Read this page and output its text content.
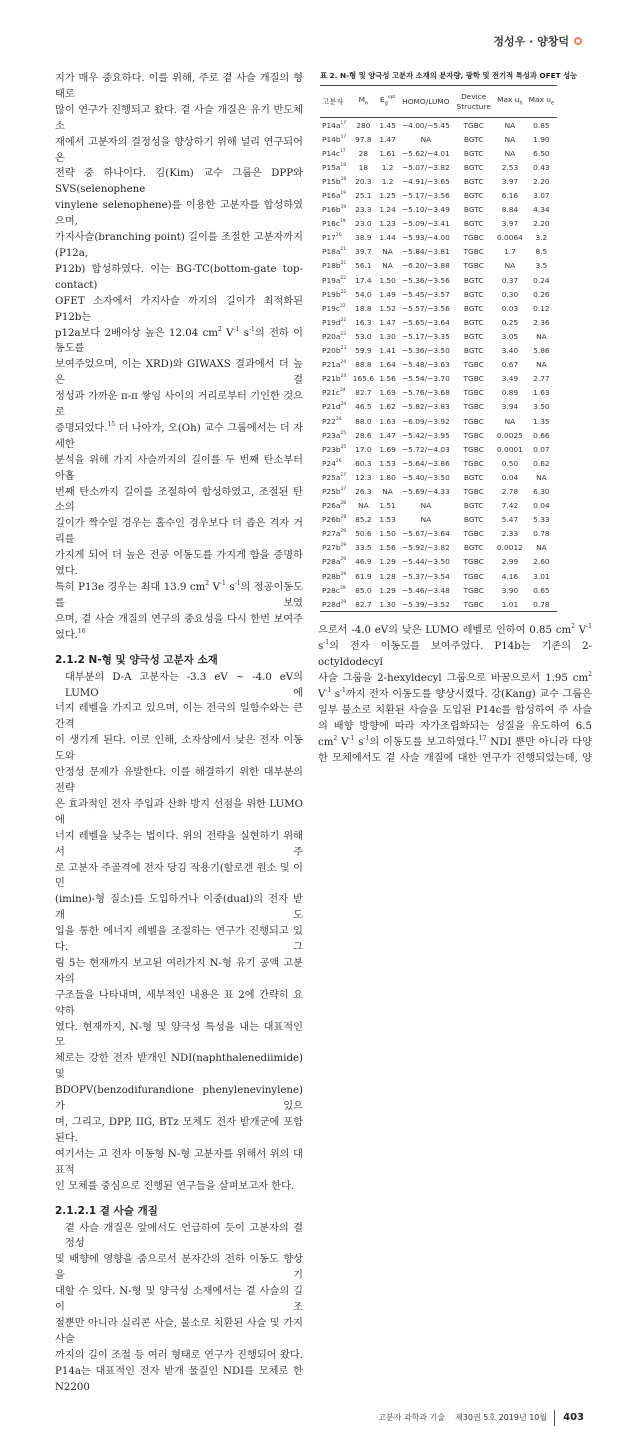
정성우 · 양창덕
지가 매우 중요하다. 이를 위해, 주로 곁 사슬 개질의 형태로
많이 연구가 진행되고 왔다. 곁 사슬 개질은 유기 반도체 소
재에서 고분자의 결정성을 향상하기 위해 널리 연구되어 온
전략 중 하나이다. 김(Kim) 교수 그룹은 DPP와 SVS(selenophene
vinylene selenophene)를 이용한 고분자를 합성하였으며,
가지사슬(branching point) 길이를 조절한 고분자까지(P12a,
P12b) 합성하였다. 이는 BG-TC(bottom-gate top-contact)
OFET 소자에서 가지사슬 까지의 길이가 최적화된 P12b는
p12a보다 2배이상 높은 12.04 $cm^2$ $V^{-1}$ $s^{-1}$의 전하 이동도를
보여주었으며, 이는 XRD)와 GIWAXS 결과에서 더 높은 결
정성과 가까운 π-π 쌓임 사이의 거리로부터 기인한 것으로
증명되었다.$^{15}$ 더 나아가, 오(Oh) 교수 그룹에서는 더 자세한
분석을 위해 가지 사슬까지의 길이를 두 번째 탄소부터 아홉
번째 탄소까지 길이를 조절하여 합성하였고, 조절된 탄소의
길이가 짝수일 경우는 홀수인 경우보다 더 좁은 격자 거리를
가지게 되어 더 높은 전공 이동도를 가지게 함을 증명하였다.
특히 P13e 경우는 최대 13.9 $cm^2$ $V^{-1}$ $s^{-1}$의 정공이동도를 보였
으며, 곁 사슬 개질의 연구의 중요성을 다시 한번 보여주었다.$^{16}$
2.1.2 N-형 및 양극성 고분자 소재
대부분의 D-A 고분자는 -3.3 eV ~ -4.0 eV의 LUMO 에
너지 레벨을 가지고 있으며, 이는 전극의 일함수와는 큰 간격
이 생기게 된다. 이로 인해, 소자상에서 낮은 전자 이동도와
안정성 문제가 유발한다. 이를 해결하기 위한 대부분의 전략
은 효과적인 전자 주입과 산화 방지 선점을 위한 LUMO 에
너지 레벨을 낮추는 법이다. 위의 전략을 실현하기 위해서 주
로 고분자 주골격에 전자 당김 작용기(할로겐 원소 및 이민
(imine)-형 질소)를 도입하거나 이중(dual)의 전자 받개 도
입을 통한 에너지 레벨을 조절하는 연구가 진행되고 있다. 그
림 5는 현재까지 보고된 여러가지 N-형 유기 공액 고분자의
구조들을 나타내며, 세부적인 내용은 표 2에 간략히 요약하
였다. 현재까지, N-형 및 양극성 특성을 내는 대표적인 모
체로는 강한 전자 받개인 NDI(naphthalenediimide) 및
BDOPV(benzodifurandione phenylenevinylene)가 있으
며, 그리고, DPP, IIG, BTz 모체도 전자 받개군에 포함된다.
여기서는 고 전자 이동형 N-형 고분자를 위해서 위의 대표적
인 모체를 중심으로 진행된 연구들을 살펴보고자 한다.
2.1.2.1 곁 사슬 개질
곁 사슬 개질은 앞에서도 언급하여 듯이 고분자의 결정성
및 배향에 영향을 줌으로서 분자간의 전하 이동도 향상을 기
대할 수 있다. N-형 및 양극성 소재에서는 곁 사슬의 길이 조
절뿐만 아니라 실리콘 사슬, 불소로 치환된 사슬 및 가지사슬
까지의 길이 조절 등 여러 형태로 연구가 진행되어 왔다.
P14a는 대표적인 전자 받개 물질인 NDI를 모체로 한 N2200
표 2. N-형 및 양극성 고분자 소재의 분자량, 광학 및 전기적 특성과 OFET 성능
고분자	$M_n$	$E_g^{opt}$	HOMO/LUMO	Device
Structure	Max $u_h$	Max $u_e$
$P14a^{17}$	280	1.45	−4.00/−5.45	TGBC	NA	0.85
$P14b^{17}$	97.8	1.47	NA	BGTC	NA	1.90
$P14c^{17}$	28	1.61	−5.62/−4.01	BGTC	NA	6.50
$P15a^{18}$	18	1.2	−5.07/−3.82	BGTC	2.53	0.43
$P15b^{18}$	20.3	1.2	−4.91/−3.65	BGTC	3.97	2.20
$P16a^{19}$	25.1	1.25	−5.17/−3.56	BGTC	6.16	3.07
$P16b^{19}$	23.3	1.24	−5.10/−3.49	BGTC	8.84	4.34
$P16c^{19}$	23.0	1.23	−5.09/−3.41	BGTC	3.97	2.20
$P17^{20}$	38.9	1.44	−5.93/−4.00	TGBC	0.0064	3.2
$P18a^{21}$	39.7	NA	−5.84/−3.81	TGBC	1.7	8.5
$P18b^{21}$	56.1	NA	−6.20/−3.88	TGBC	NA	3.5
$P19a^{22}$	17.4	1.50	−5.36/−3.56	BGTC	0.37	0.24
$P19b^{22}$	54.0	1.49	−5.45/−3.57	BGTC	0.30	0.26
$P19c^{22}$	18.8	1.52	−5.57/−3.56	BGTC	0.03	0.12
$P19d^{22}$	16.3	1.47	−5.65/−3.64	BGTC	0.25	2.36
$P20a^{23}$	53.0	1.30	−5.17/−3.35	BGTC	3.05	NA
$P20b^{23}$	59.9	1.41	−5.36/−3.50	BGTC	3.40	5.86
$P21a^{24}$	88.8	1.64	−5.48/−3.63	TGBC	0.67	NA
$P21b^{24}$	165.6	1.56	−5.54/−3.70	TGBC	3.49	2.77
$P21c^{24}$	82.7	1.69	−5.76/−3.68	TGBC	0.89	1.63
$P21d^{24}$	46.5	1.62	−5.82/−3.83	TGBC	3.94	3.50
$P22^{24}$	88.0	1.63	−6.09/−3.92	TGBC	NA	1.35
$P23a^{25}$	28.6	1.47	−5.42/−3.95	TGBC	0.0025	0.66
$P23b^{25}$	17.0	1.69	−5.72/−4.03	TGBC	0.0001	0.07
$P24^{26}$	60.3	1.53	−5.64/−3.86	TGBC	0.50	0.62
$P25a^{27}$	12.3	1.80	−5.40/−3.50	BGTC	0.04	NA
$P25b^{27}$	26.3	NA	−5.69/−4.33	TGBC	2.78	6.30
$P26a^{28}$	NA	1.51	NA	BGTC	7.42	0.04
$P26b^{28}$	85.2	1.53	NA	BGTC	5.47	5.33
$P27a^{29}$	50.6	1.50	−5.67/−3.64	TGBC	2.33	0.78
$P27b^{29}$	33.5	1.56	−5.92/−3.82	BGTC	0.0012	NA
$P28a^{29}$	46.9	1.29	−5.44/−3.50	TGBC	2.99	2.60
$P28b^{29}$	61.9	1.28	−5.37/−3.54	TGBC	4.16	3.01
$P28c^{29}$	85.0	1.29	−5.46/−3.48	TGBC	3.90	0.65
$P28d^{29}$	82.7	1.30	−5.39/−3.52	TGBC	1.01	0.78
으로서 -4.0 eV의 낮은 LUMO 레벨로 인하여 0.85 $cm^2$ $V^{-1}$
$s^{-1}$의 전자 이동도를 보여주었다. P14b는 기존의 2-octyldodecyl
사슬 그룹을 2-hexyldecyl 그룹으로 바꿈으로서 1.95 $cm^2$
$V^{-1}$ $s^{-1}$까지 전자 이동도를 향상시켰다. 강(Kang) 교수 그룹은
일부 불소로 치환된 사슬을 도입된 P14c를 합성하여 주 사슬
의 배향 방향에 따라 자가조립화되는 성질을 유도하여 6.5
$cm^2$ $V^{-1}$ $s^{-1}$의 이동도를 보고하였다.$^{17}$ NDI 뿐만 아니라 다양
한 모체에서도 곁 사슬 개질에 대한 연구가 진행되었는데, 양
고분자 과학과 기술 제30권 5호 2019년 10월 403
